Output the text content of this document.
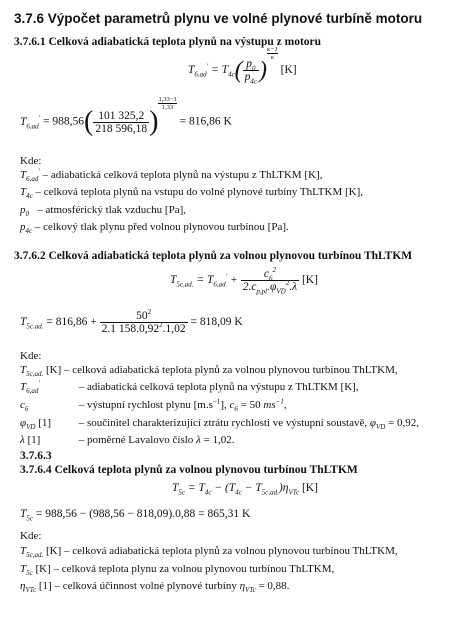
3.7.6 Výpočet parametrů plynu ve volné plynové turbíně motoru
3.7.6.1 Celková adiabatická teplota plynů na výstupu z motoru
$T_{6,ad}' = T_{4c}( \frac{p_0}{p_{4c}}$ )
$\frac{\kappa-1}{\kappa}$
[K]
$T_{6,ad}' = 988,56( \frac{101 325,2}{218 596,18}$ )
$\frac{1,33-1}{1,33}$
= 816,86 K
Kde:
$T_{6,ad}'$ – adiabatická celková teplota plynů na výstupu z ThLTKM [K],
$T_{4c}$ – celková teplota plynů na vstupu do volné plynové turbíny ThLTKM [K],
$p_0$ – atmosférický tlak vzduchu [Pa],
$p_{4c}$ – celkový tlak plynu před volnou plynovou turbínou [Pa].
3.7.6.2 Celková adiabatická teplota plynů za volnou plynovou turbínou ThLTKM
$T_{5c,ad.} = T_{6,ad}' + \frac{c_6^2}{2.c_{p,pl}.\varphi_{VD}^2.\lambda} [K]$
$T_{5c.ad.} = 816,86 + \frac{50^2}{2.1 158.0,92^2.1,02} = 818,09$ K
Kde:
$T_{5c,ad.}$ [K] – celková adiabatická teplota plynů za volnou plynovou turbínou ThLTKM,
$T_{6,ad}'$	– adiabatická celková teplota plynů na výstupu z ThLTKM [K],
$c_6$	– výstupní rychlost plynu $[m.s^{-1}]$, $c_6 = 50$ $ms^{-1}$,
$\varphi_{VD}$ [1]	– součinitel charakterizující ztrátu rychlosti ve výstupní soustavě, $\varphi_{VD} = 0,92$,
λ [1]	– poměrné Lavalovo číslo λ = 1,02.
3.7.6.3
3.7.6.4 Celková teplota plynů za volnou plynovou turbínou ThLTKM
$T_{5c} = T_{4c} - (T_{4c} - T_{5c,ad.})\eta_{VTc}$ [K]
$T_{5c} = 988,56 - (988,56 - 818,09).0,88 = 865,31$ K
Kde:
$T_{5c,ad.}$ [K] – celková adiabatická teplota plynů za volnou plynovou turbínou ThLTKM,
$T_{5c}$ [K] – celková teplota plynu za volnou plynovou turbínou ThLTKM,
$\eta_{VTc}$ [1] – celková účinnost volné plynové turbíny $\eta_{VTc} = 0,88$.
